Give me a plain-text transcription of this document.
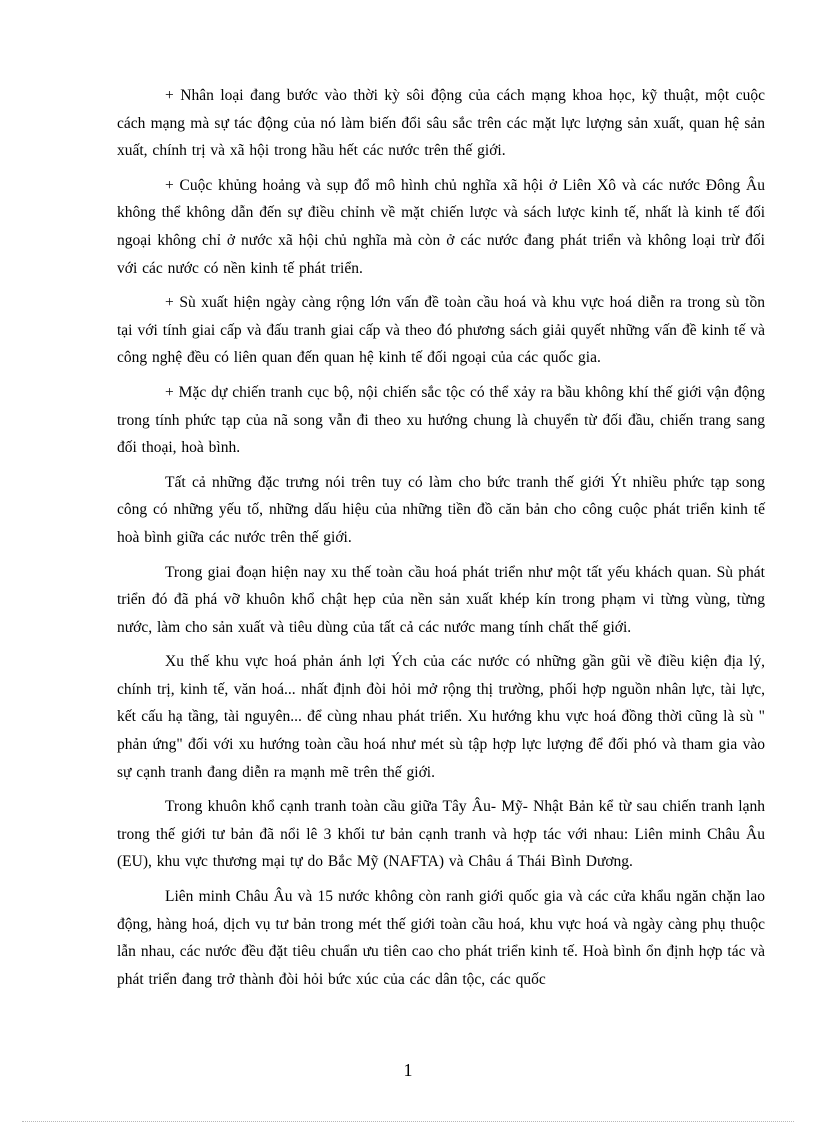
+ Nhân loại đang bước vào thời kỳ sôi động của cách mạng khoa học, kỹ thuật, một cuộc cách mạng mà sự tác động của nó làm biến đổi sâu sắc trên các mặt lực lượng sản xuất, quan hệ sản xuất, chính trị và xã hội trong hầu hết các nước trên thế giới.

+ Cuộc khủng hoảng và sụp đổ mô hình chủ nghĩa xã hội ở Liên Xô và các nước Đông Âu không thể không dẫn đến sự điều chỉnh về mặt chiến lược và sách lược kinh tế, nhất là kinh tế đối ngoại không chỉ ở nước xã hội chủ nghĩa mà còn ở các nước đang phát triển và không loại trừ đối với các nước có nền kinh tế phát triển.

+ Sù xuất hiện ngày càng rộng lớn vấn đề toàn cầu hoá và khu vực hoá diễn ra trong sù tồn tại với tính giai cấp và đấu tranh giai cấp và theo đó phương sách giải quyết những vấn đề kinh tế và công nghệ đều có liên quan đến quan hệ kinh tế đối ngoại của các quốc gia.

+ Mặc dự chiến tranh cục bộ, nội chiến sắc tộc có thể xảy ra bầu không khí thế giới vận động trong tính phức tạp của nã song vẫn đi theo xu hướng chung là chuyển từ đối đầu, chiến trang sang đối thoại, hoà bình.

Tất cả những đặc trưng nói trên tuy có làm cho bức tranh thế giới Ýt nhiều phức tạp song công có những yếu tố, những dấu hiệu của những tiền đồ căn bản cho công cuộc phát triển kinh tế hoà bình giữa các nước trên thế giới.

Trong giai đoạn hiện nay xu thế toàn cầu hoá phát triển như một tất yếu khách quan. Sù phát triển đó đã phá vỡ khuôn khổ chật hẹp của nền sản xuất khép kín trong phạm vi từng vùng, từng nước, làm cho sản xuất và tiêu dùng của tất cả các nước mang tính chất thế giới.

Xu thế khu vực hoá phản ánh lợi Ých của các nước có những gần gũi về điều kiện địa lý, chính trị, kinh tế, văn hoá... nhất định đòi hỏi mở rộng thị trường, phối hợp nguồn nhân lực, tài lực, kết cấu hạ tầng, tài nguyên... để cùng nhau phát triển. Xu hướng khu vực hoá đồng thời cũng là sù " phản ứng" đối với xu hướng toàn cầu hoá như mét sù tập hợp lực lượng để đối phó và tham gia vào sự cạnh tranh đang diễn ra mạnh mẽ trên thế giới.

Trong khuôn khổ cạnh tranh toàn cầu giữa Tây Âu- Mỹ- Nhật Bản kể từ sau chiến tranh lạnh trong thế giới tư bản đã nổi lê 3 khối tư bản cạnh tranh và hợp tác với nhau: Liên minh Châu Âu (EU), khu vực thương mại tự do Bắc Mỹ (NAFTA) và Châu á Thái Bình Dương.

Liên minh Châu Âu và 15 nước không còn ranh giới quốc gia và các cửa khẩu ngăn chặn lao động, hàng hoá, dịch vụ tư bản trong mét thế giới toàn cầu hoá, khu vực hoá và ngày càng phụ thuộc lẫn nhau, các nước đều đặt tiêu chuẩn ưu tiên cao cho phát triển kinh tế. Hoà bình ổn định hợp tác và phát triển đang trở thành đòi hỏi bức xúc của các dân tộc, các quốc

1
